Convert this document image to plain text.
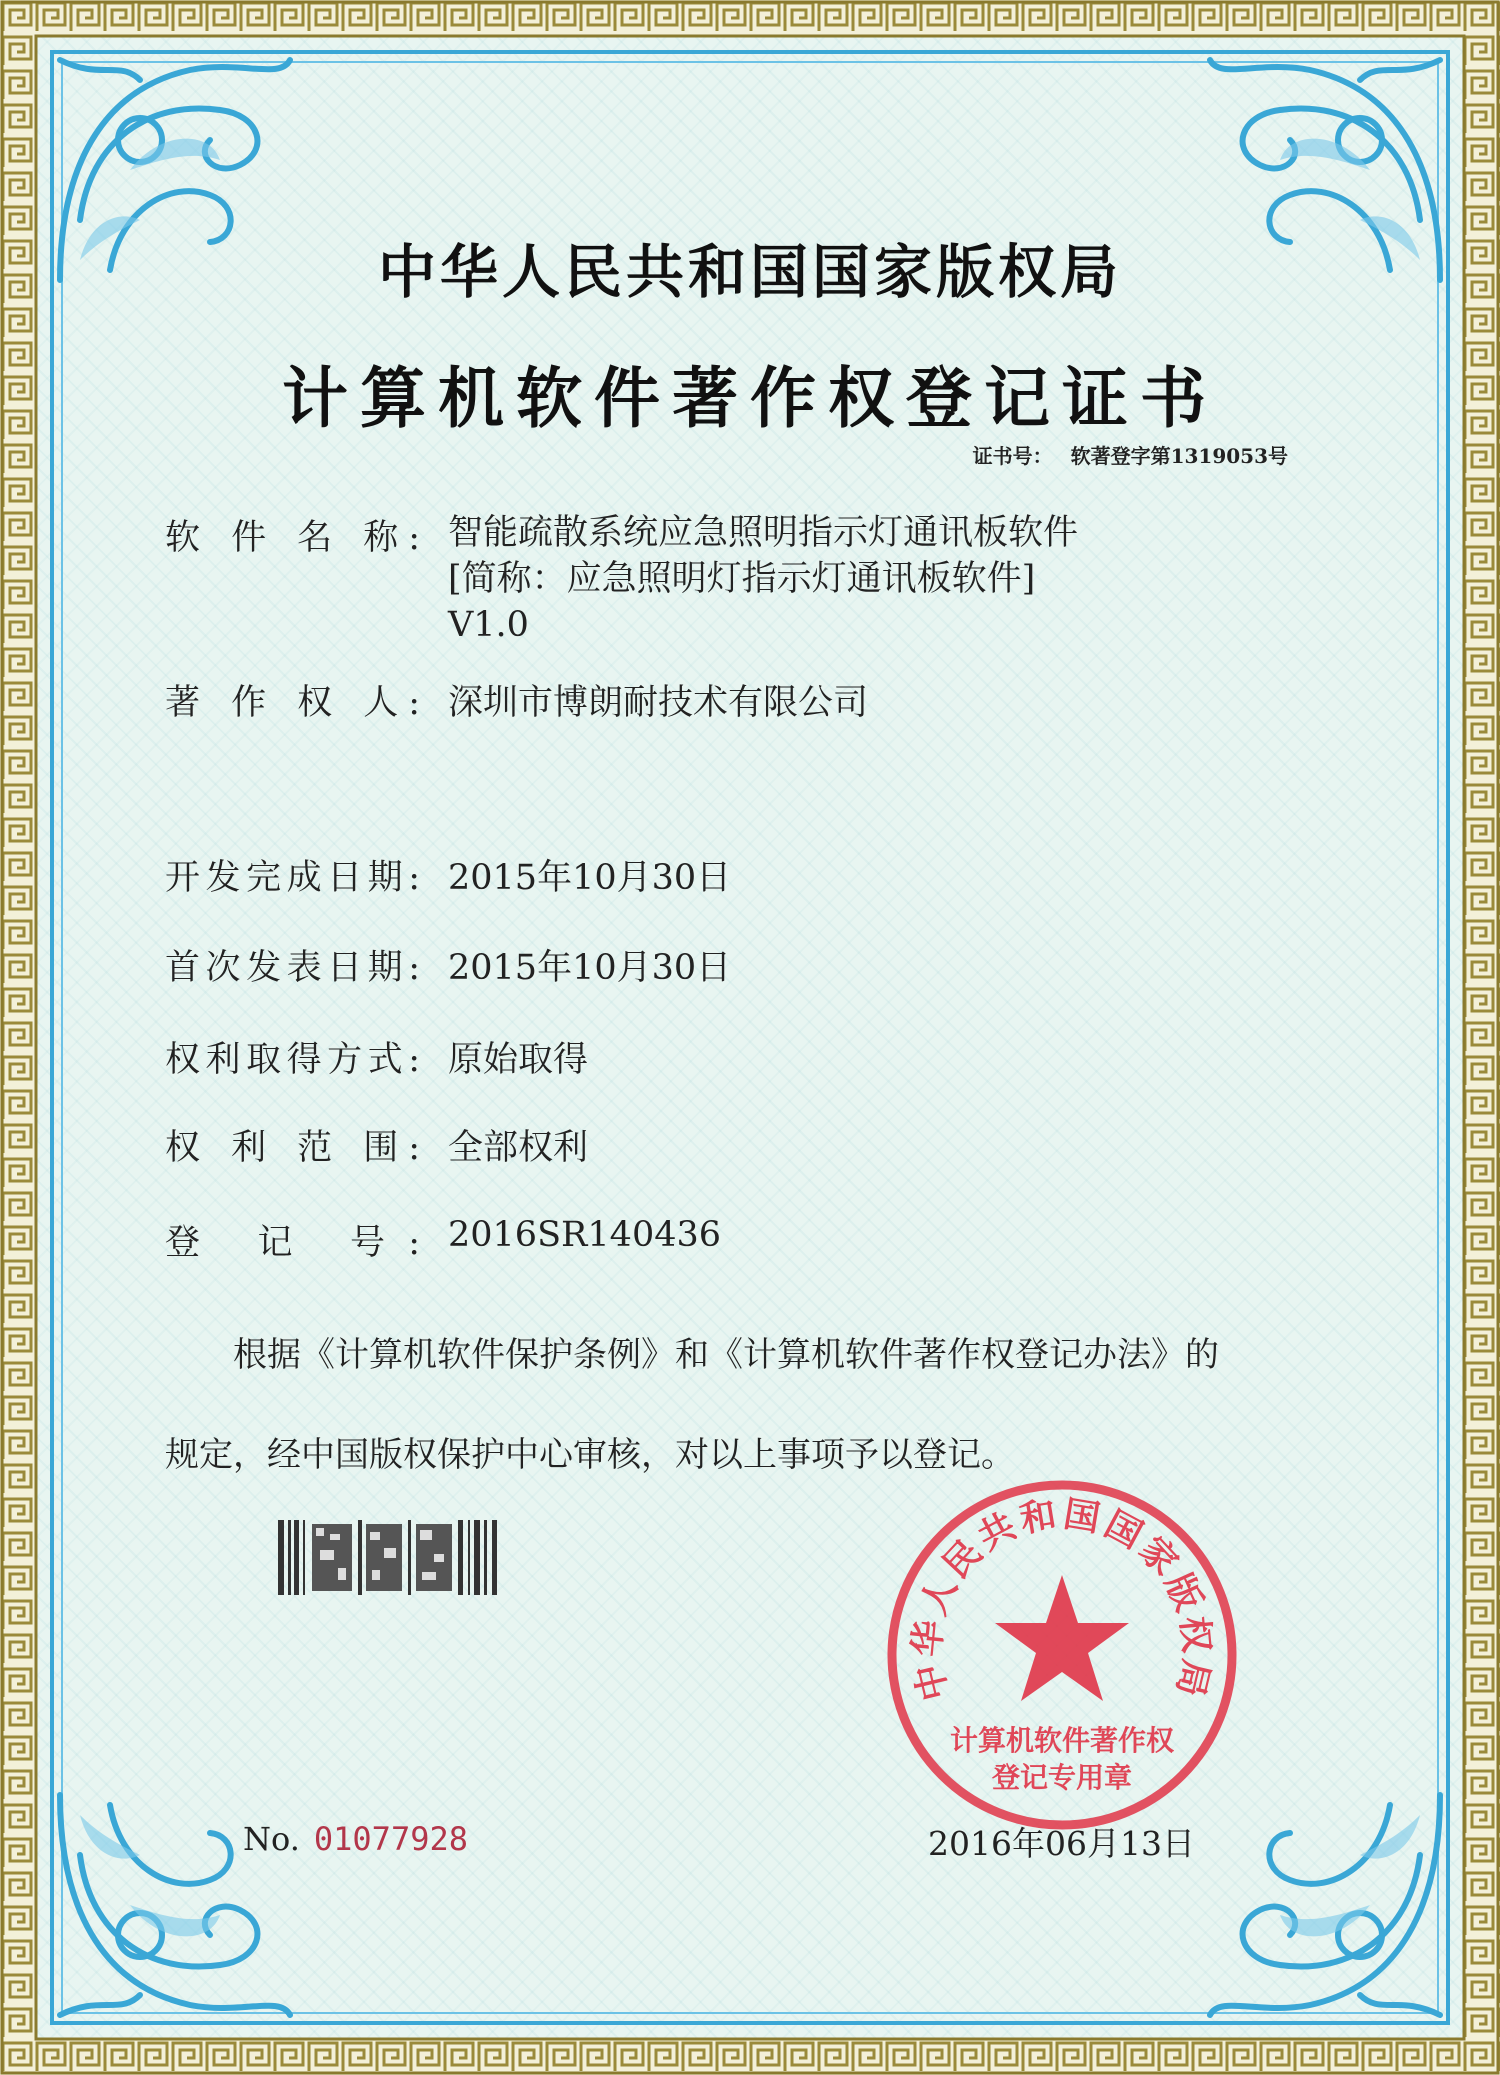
中华人民共和国国家版权局
计算机软件著作权登记证书
证书号： 软著登字第1319053号
软 件 名 称: 智能疏散系统应急照明指示灯通讯板软件
[简称：应急照明灯指示灯通讯板软件]
V1.0
著 作 权 人: 深圳市博朗耐技术有限公司
开发完成日期: 2015年10月30日
首次发表日期: 2015年10月30日
权利取得方式: 原始取得
权 利 范 围: 全部权利
登 记 号: 2016SR140436
根据《计算机软件保护条例》和《计算机软件著作权登记办法》的
规定，经中国版权保护中心审核，对以上事项予以登记。
中华人民共和国国家版权局
计算机软件著作权
登记专用章
No. 01077928	2016年06月13日
